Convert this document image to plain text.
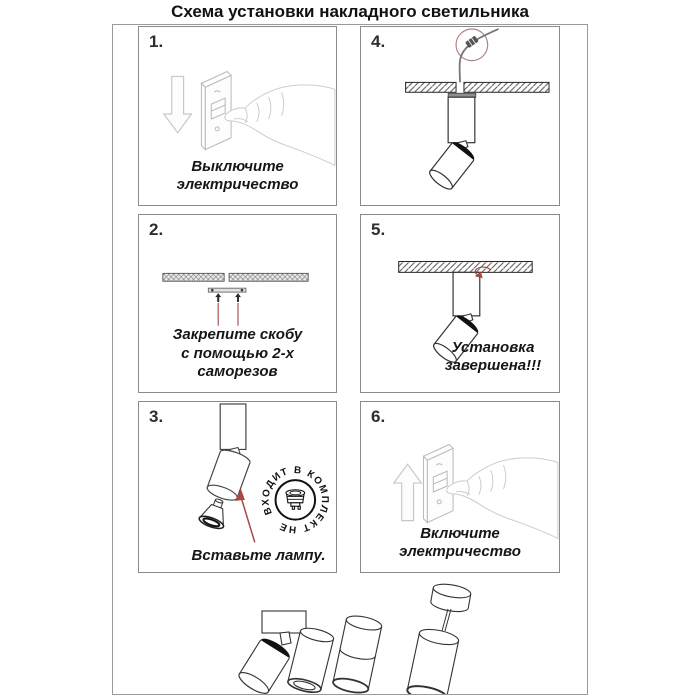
Схема установки накладного светильника
1.
Выключите
электричество
4.
2.
Закрепите скобу
с помощью 2-х саморезов
5.
Установка
завершена!!!
3.
ВХОДИТ В КОМПЛЕКТ НЕ
Вставьте лампу.
6.
Включите
электричество
